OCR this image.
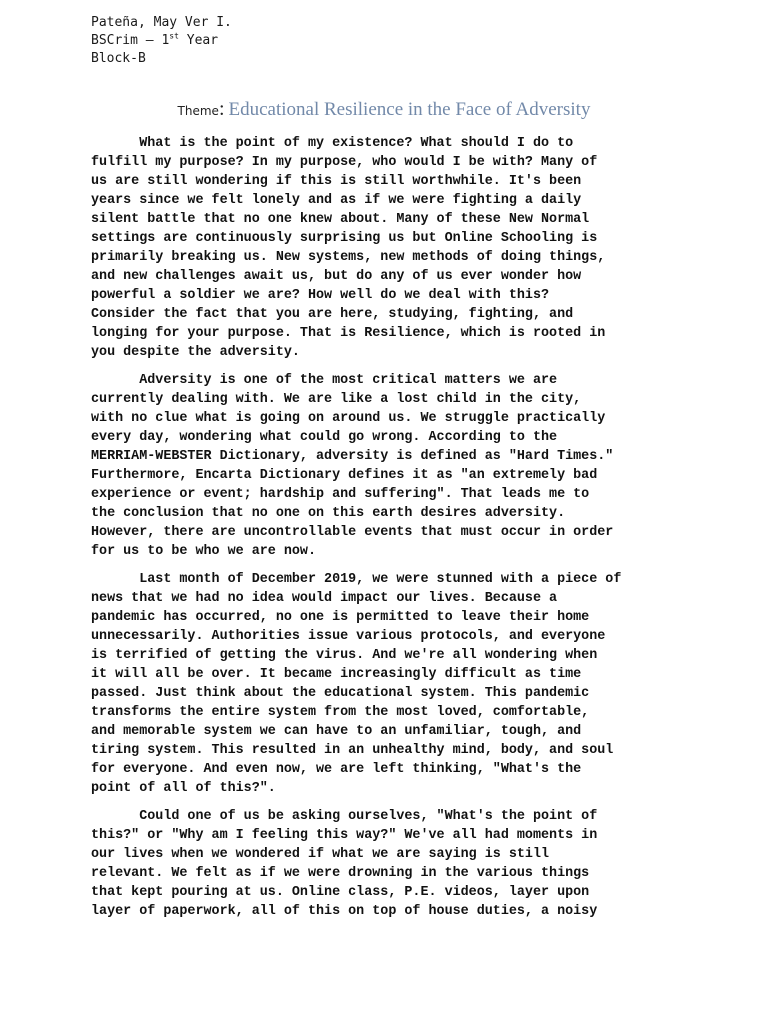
Pateña, May Ver I.
BSCrim – 1st Year
Block-B
Theme: Educational Resilience in the Face of Adversity
What is the point of my existence? What should I do to
fulfill my purpose? In my purpose, who would I be with? Many of
us are still wondering if this is still worthwhile. It's been
years since we felt lonely and as if we were fighting a daily
silent battle that no one knew about. Many of these New Normal
settings are continuously surprising us but Online Schooling is
primarily breaking us. New systems, new methods of doing things,
and new challenges await us, but do any of us ever wonder how
powerful a soldier we are? How well do we deal with this?
Consider the fact that you are here, studying, fighting, and
longing for your purpose. That is Resilience, which is rooted in
you despite the adversity.
Adversity is one of the most critical matters we are
currently dealing with. We are like a lost child in the city,
with no clue what is going on around us. We struggle practically
every day, wondering what could go wrong. According to the
MERRIAM-WEBSTER Dictionary, adversity is defined as "Hard Times."
Furthermore, Encarta Dictionary defines it as "an extremely bad
experience or event; hardship and suffering". That leads me to
the conclusion that no one on this earth desires adversity.
However, there are uncontrollable events that must occur in order
for us to be who we are now.
Last month of December 2019, we were stunned with a piece of
news that we had no idea would impact our lives. Because a
pandemic has occurred, no one is permitted to leave their home
unnecessarily. Authorities issue various protocols, and everyone
is terrified of getting the virus. And we're all wondering when
it will all be over. It became increasingly difficult as time
passed. Just think about the educational system. This pandemic
transforms the entire system from the most loved, comfortable,
and memorable system we can have to an unfamiliar, tough, and
tiring system. This resulted in an unhealthy mind, body, and soul
for everyone. And even now, we are left thinking, "What's the
point of all of this?".
Could one of us be asking ourselves, "What's the point of
this?" or "Why am I feeling this way?" We've all had moments in
our lives when we wondered if what we are saying is still
relevant. We felt as if we were drowning in the various things
that kept pouring at us. Online class, P.E. videos, layer upon
layer of paperwork, all of this on top of house duties, a noisy
